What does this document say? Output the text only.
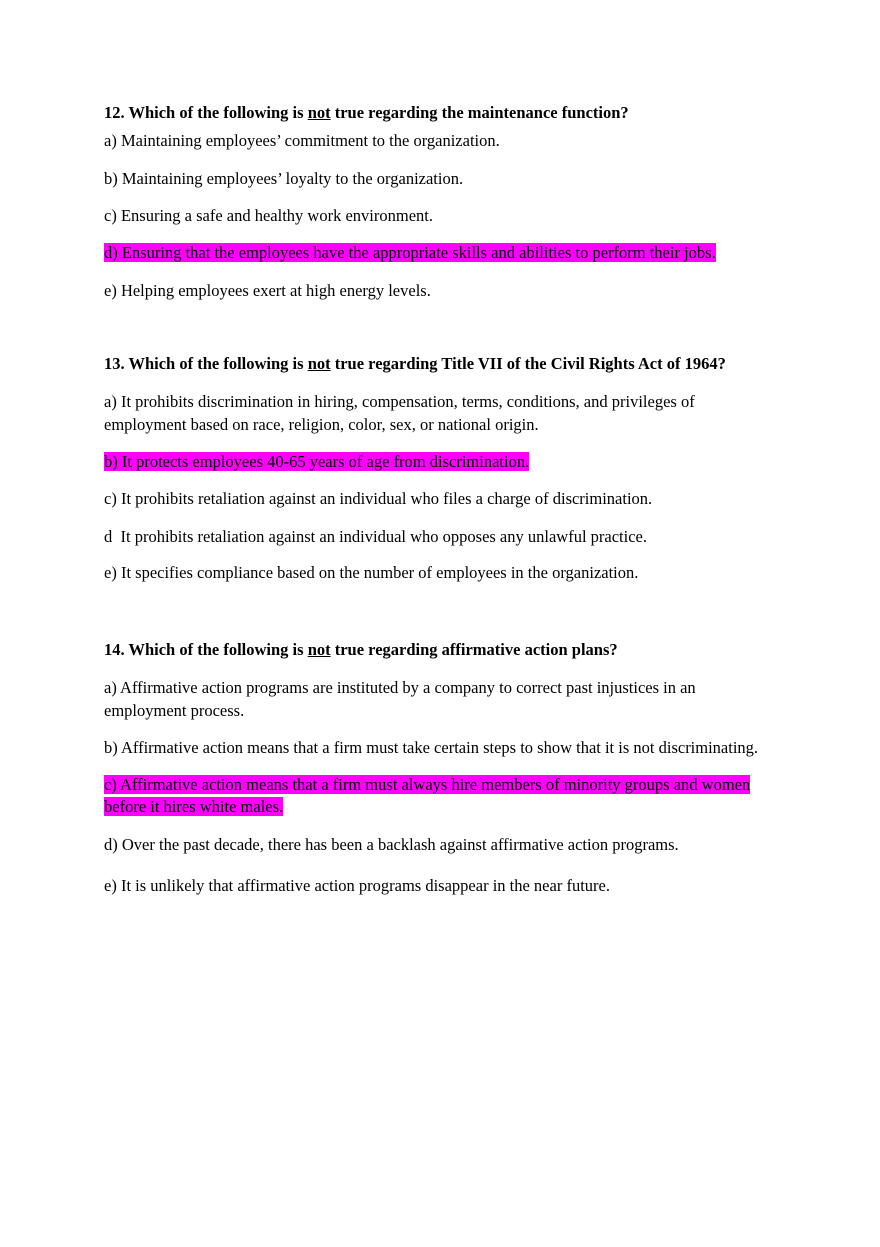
12. Which of the following is not true regarding the maintenance function?
a) Maintaining employees’ commitment to the organization.
b) Maintaining employees’ loyalty to the organization.
c) Ensuring a safe and healthy work environment.
d) Ensuring that the employees have the appropriate skills and abilities to perform their jobs.
e) Helping employees exert at high energy levels.
13. Which of the following is not true regarding Title VII of the Civil Rights Act of 1964?
a) It prohibits discrimination in hiring, compensation, terms, conditions, and privileges of
employment based on race, religion, color, sex, or national origin.
b) It protects employees 40-65 years of age from discrimination.
c) It prohibits retaliation against an individual who files a charge of discrimination.
d  It prohibits retaliation against an individual who opposes any unlawful practice.
e) It specifies compliance based on the number of employees in the organization.
14. Which of the following is not true regarding affirmative action plans?
a) Affirmative action programs are instituted by a company to correct past injustices in an
employment process.
b) Affirmative action means that a firm must take certain steps to show that it is not discriminating.
c) Affirmative action means that a firm must always hire members of minority groups and women
before it hires white males.
d) Over the past decade, there has been a backlash against affirmative action programs.
e) It is unlikely that affirmative action programs disappear in the near future.
